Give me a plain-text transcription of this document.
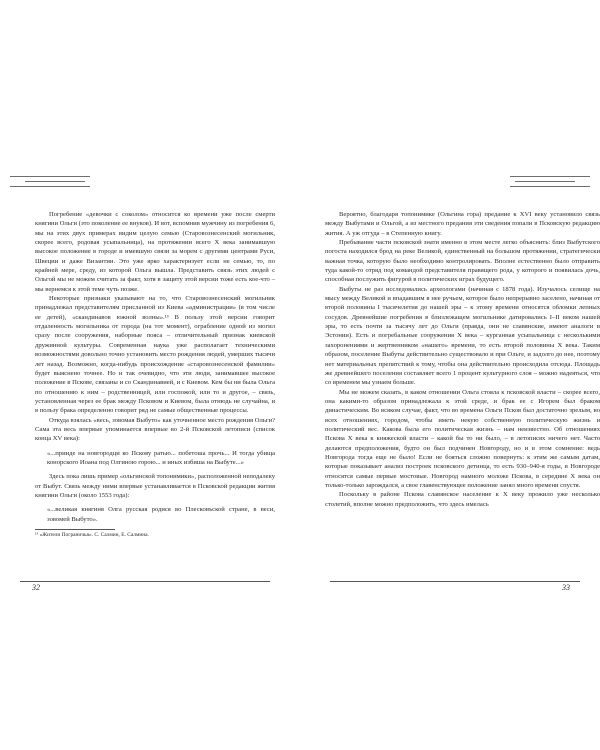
Погребение «девочки с соколом» относится ко времени уже после смерти княгини Ольги (это поколение ее внуков). И вот, вспомнив мужчину из погребения 6, мы на этих двух примерах видим целую семью (Старовознесенский могильник, скорее всего, родовая усыпальница), на протяжении всего X века занимавшую высокое положение в городе и имевшую связи за морем с другими центрами Руси, Швеции и даже Византии. Это уже ярко характеризует если не семью, то, по крайней мере, среду, из которой Ольга вышла. Представить связь этих людей с Ольгой мы не можем считать за факт, хотя в защиту этой версии тоже есть кое-что – мы вернемся к этой теме чуть позже.

Некоторые признаки указывают на то, что Старовознесенский могильник принадлежал представителям присланной из Киева «администрации» (в том числе ее детей), «скандинавов южной волны».¹³ В пользу этой версии говорит отдаленность могильника от города (на тот момент), ограбление одной из могил сразу после сооружения, наборные пояса – отличительный признак киевской дружинной культуры. Современная наука уже располагает техническими возможностями довольно точно установить место рождения людей, умерших тысячи лет назад. Возможно, когда-нибудь происхождение «старовознесенской фамилии» будет выяснено точнее. Но и так очевидно, что эти люди, занимавшее высокое положение в Пскове, связаны и со Скандинавией, и с Киевом. Кем бы ни была Ольга по отношению к ним – родственницей, или госпожой, или то и другое, – связь, установленная через ее брак между Псковом и Киевом, была отнюдь не случайна, и в пользу брака определенно говорит ряд не самые общественные процессы.

Откуда взялась «весь, зовомая Выбуто» как уточненное место рождения Ольги? Сама эта весь впервые упоминается впервые во 2-й Псковской летописи (список конца XV века):

«...прииде на новгородци ко Пскову ратью... побетоша прочь... И тогда убища конорского Иоана под Олгиною горою... и иных избиша на Выбуте...»

Здесь пока лишь пример «ольгинской топонимики», расположенной неподалеку от Выбут. Связь между ними впервые устанавливается в Псковской редакции жития княгини Ольги (около 1553 года):

«...великая княгиня Олга русская родися во Плесковъской стране, в веси, зовомей Выбуто».

¹³ «Жители Пограничья». С. Салмин, Е. Салмина.

32	33

Вероятно, благодаря топонимике (Ольгина гора) предание к XVI веку установило связь между Выбутами и Ольгой, а из местного предания эти сведения попали в Псковскую редакцию жития. А уж отгуда – в Степенную книгу.

Пребывание части псковской знати именно в этом месте легко объяснить: близ Выбутского погоста находился брод на реке Великой, единственный на большом протяжении, стратегически важная точка, которую было необходимо контролировать. Вполне естественно было отправить туда какой-то отряд под командой представителя правящего рода, у которого и появилась дочь, способная послужить фигурой в политических играх будущего.

Выбуты не раз исследовались археологами (начиная с 1878 года). Изучалось селище на мысу между Великой и впадавшим в нее ручьем, которое было непрерывно заселено, начиная от второй половины I тысячелетия до нашей эры – к этому времени относятся обломки лепных сосудов. Древнейшие погребения в близлежащем могильнике датировались I–II веком нашей эры, то есть почти за тысячу лет до Ольги (правда, они не славянские, имеют аналоги в Эстонии). Есть и погребальные сооружения X века – курганная усыпальница с несколькими захоронениями и жертвенником «нашего» времени, то есть второй половины X века. Таким образом, поселение Выбуты действительно существовало и при Ольге, и задолго до нее, поэтому нет материальных препятствий к тому, чтобы она действительно происходила отсюда. Площадь же древнейшего поселения составляет всего 1 процент культурного слоя – можно надеяться, что со временем мы узнаем больше.

Мы не можем сказать, в каком отношении Ольга стояла к псковской власти – скорее всего, она какими-то образом принадлежала к этой среде, и брак ее с Игорем был браком династическим. Во всяком случае, факт, что во времена Ольги Псков был достаточно зрелым, во всех отношениях, городом, чтобы иметь некую собственную политическую жизнь и политический вес. Какова была его политическая жизнь – нам неизвестно. Об отношениях Пскова X века к княжеской власти – какой бы то ни было, – в летописях ничего нет. Часто делаются предположения, будто он был подчинен Новгороду, но и в этом сомнение: ведь Новгорода тогда еще не было! Если не бояться сложно повернуть: к этим же самым датам, которые показывает анализ построек псковского детинца, то есть 930–940-я годы, в Новгороде относятся самые первые мостовые. Новгород намного моложе Пскова, в середине X века он только-только зарождался, а свое главенствующее положение занял много времени спустя.

Поскольку в районе Пскова славянское население к X веку прожило уже несколько столетий, вполне можно предположить, что здесь имелась
